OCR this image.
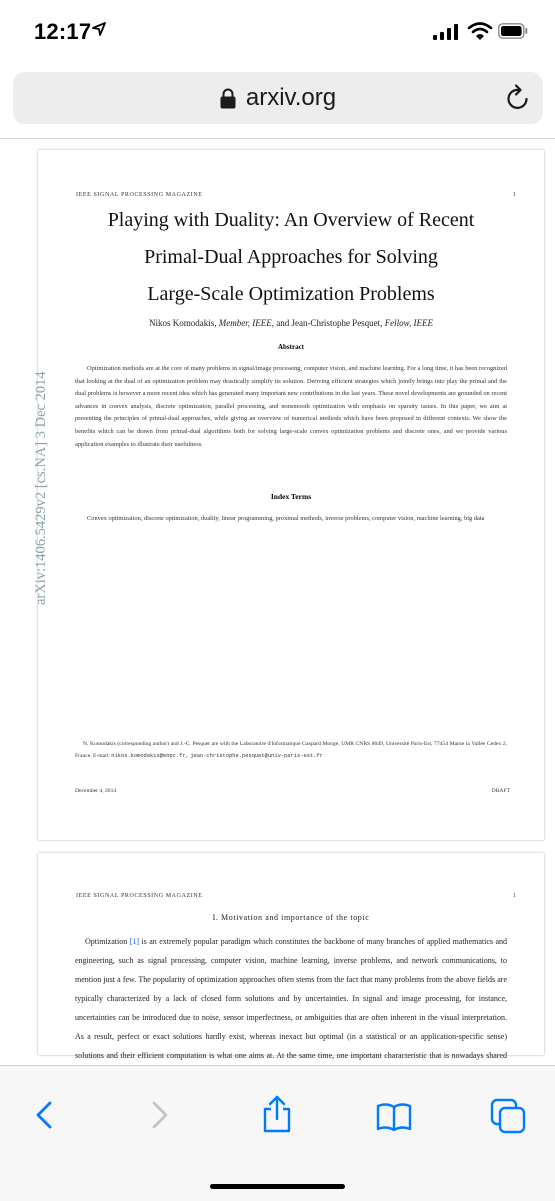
12:17
arxiv.org
IEEE SIGNAL PROCESSING MAGAZINE	1
Playing with Duality: An Overview of Recent
Primal-Dual Approaches for Solving
Large-Scale Optimization Problems
Nikos Komodakis, Member, IEEE, and Jean-Christophe Pesquet, Fellow, IEEE
Abstract
Optimization methods are at the core of many problems in signal/image processing, computer vision, and machine learning. For a long time, it has been recognized that looking at the dual of an optimization problem may drastically simplify its solution. Deriving efficient strategies which jointly brings into play the primal and the dual problems is however a more recent idea which has generated many important new contributions in the last years. These novel developments are grounded on recent advances in convex analysis, discrete optimization, parallel processing, and nonsmooth optimization with emphasis on sparsity issues. In this paper, we aim at presenting the principles of primal-dual approaches, while giving an overview of numerical methods which have been proposed in different contexts. We show the benefits which can be drawn from primal-dual algorithms both for solving large-scale convex optimization problems and discrete ones, and we provide various application examples to illustrate their usefulness.
Index Terms
Convex optimization, discrete optimization, duality, linear programming, proximal methods, inverse problems, computer vision, machine learning, big data
N. Komodakis (corresponding author) and J.-C. Pesquet are with the Laboratoire d'Informatique Gaspard Monge, UMR CNRS 8049, Université Paris-Est, 77454 Marne la Vallée Cedex 2, France. E-mail: nikos.komodakis@enpc.fr, jean-christophe.pesquet@univ-paris-est.fr
December 4, 2014	DRAFT
arXiv:1406.5429v2 [cs.NA] 3 Dec 2014
IEEE SIGNAL PROCESSING MAGAZINE	1
I. Motivation and importance of the topic
Optimization [1] is an extremely popular paradigm which constitutes the backbone of many branches of applied mathematics and engineering, such as signal processing, computer vision, machine learning, inverse problems, and network communications, to mention just a few. The popularity of optimization approaches often stems from the fact that many problems from the above fields are typically characterized by a lack of closed form solutions and by uncertainties. In signal and image processing, for instance, uncertainties can be introduced due to noise, sensor imperfectness, or ambiguities that are often inherent in the visual interpretation. As a result, perfect or exact solutions hardly exist, whereas inexact but optimal (in a statistical or an application-specific sense) solutions and their efficient computation is what one aims at. At the same time, one important characteristic that is nowadays shared
